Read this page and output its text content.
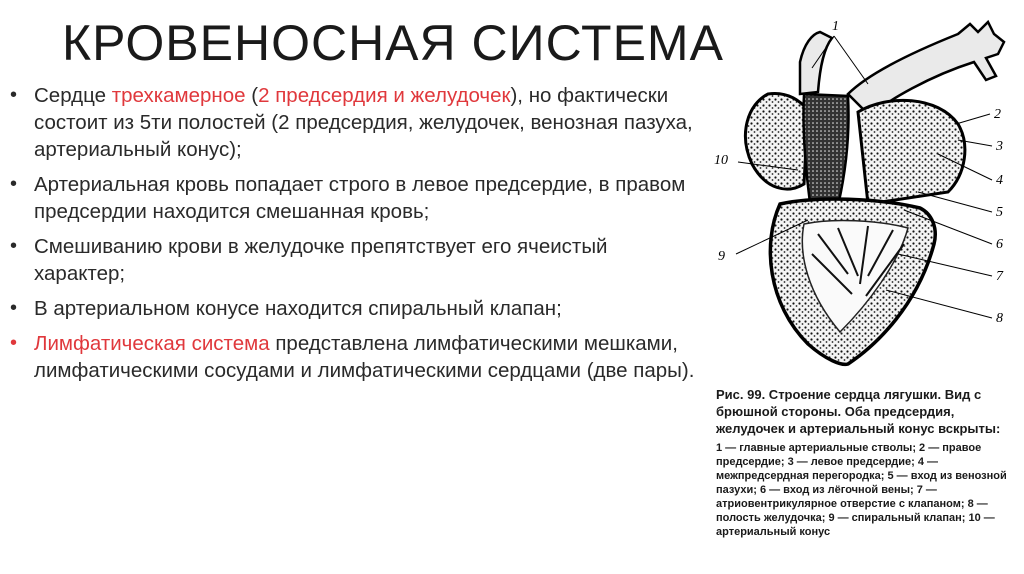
КРОВЕНОСНАЯ СИСТЕМА
• Сердце трехкамерное (2 предсердия и желудочек), но фактически состоит из 5ти полостей (2 предсердия, желудочек, венозная пазуха, артериальный конус);
• Артериальная кровь попадает строго в левое предсердие, в правом предсердии находится смешанная кровь;
• Смешиванию крови в желудочке препятствует его ячеистый характер;
• В артериальном конусе находится спиральный клапан;
• Лимфатическая система представлена лимфатическими мешками, лимфатическими сосудами и лимфатическими сердцами (две пары).
1
2
3
4
5
6
7
8
9
10

Рис. 99. Строение сердца лягушки. Вид с брюшной стороны. Оба предсердия, желудочек и артериальный конус вскрыты:

1 — главные артериальные стволы; 2 — правое предсердие; 3 — левое предсердие; 4 — межпредсердная перегородка; 5 — вход из венозной пазухи; 6 — вход из лёгочной вены; 7 — атриовентрикулярное отверстие с клапаном; 8 — полость желудочка; 9 — спиральный клапан; 10 — артериальный конус
